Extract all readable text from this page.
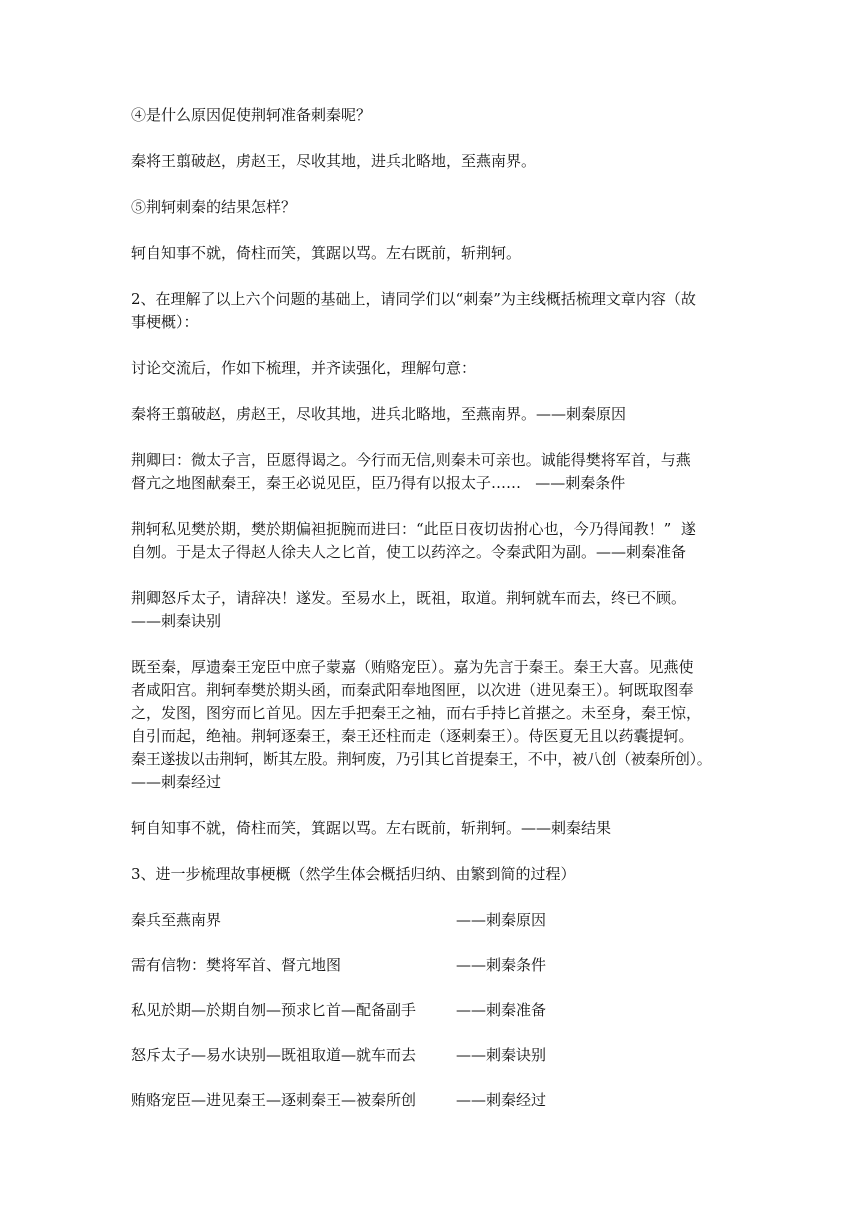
④是什么原因促使荆轲准备刺秦呢？

秦将王翦破赵，虏赵王，尽收其地，进兵北略地，至燕南界。

⑤荆轲刺秦的结果怎样？

轲自知事不就，倚柱而笑，箕踞以骂。左右既前，斩荆轲。

2、在理解了以上六个问题的基础上，请同学们以“刺秦”为主线概括梳理文章内容（故

事梗概）：

讨论交流后，作如下梳理，并齐读强化，理解句意：

秦将王翦破赵，虏赵王，尽收其地，进兵北略地，至燕南界。——刺秦原因

荆卿曰：微太子言，臣愿得谒之。今行而无信,则秦未可亲也。诚能得樊将军首，与燕

督亢之地图献秦王，秦王必说见臣，臣乃得有以报太子……   ——刺秦条件

荆轲私见樊於期，樊於期偏袒扼腕而进曰：“此臣日夜切齿拊心也，今乃得闻教！”  遂

自刎。于是太子得赵人徐夫人之匕首，使工以药淬之。令秦武阳为副。——刺秦准备

荆卿怒斥太子，请辞决！遂发。至易水上，既祖，取道。荆轲就车而去，终已不顾。

——刺秦诀别

既至秦，厚遗秦王宠臣中庶子蒙嘉（贿赂宠臣）。嘉为先言于秦王。秦王大喜。见燕使

者咸阳宫。荆轲奉樊於期头函，而秦武阳奉地图匣，以次进（进见秦王）。轲既取图奉

之，发图，图穷而匕首见。因左手把秦王之袖，而右手持匕首揕之。未至身，秦王惊，

自引而起，绝袖。荆轲逐秦王，秦王还柱而走（逐刺秦王）。侍医夏无且以药囊提轲。

秦王遂拔以击荆轲，断其左股。荆轲废，乃引其匕首提秦王，不中，被八创（被秦所创）。

——刺秦经过

轲自知事不就，倚柱而笑，箕踞以骂。左右既前，斩荆轲。——刺秦结果

3、进一步梳理故事梗概（然学生体会概括归纳、由繁到简的过程）

秦兵至燕南界	——刺秦原因
需有信物：樊将军首、督亢地图	——刺秦条件
私见於期—於期自刎—预求匕首—配备副手	——刺秦准备
怒斥太子—易水诀别—既祖取道—就车而去	——刺秦诀别
贿赂宠臣—进见秦王—逐刺秦王—被秦所创	——刺秦经过
